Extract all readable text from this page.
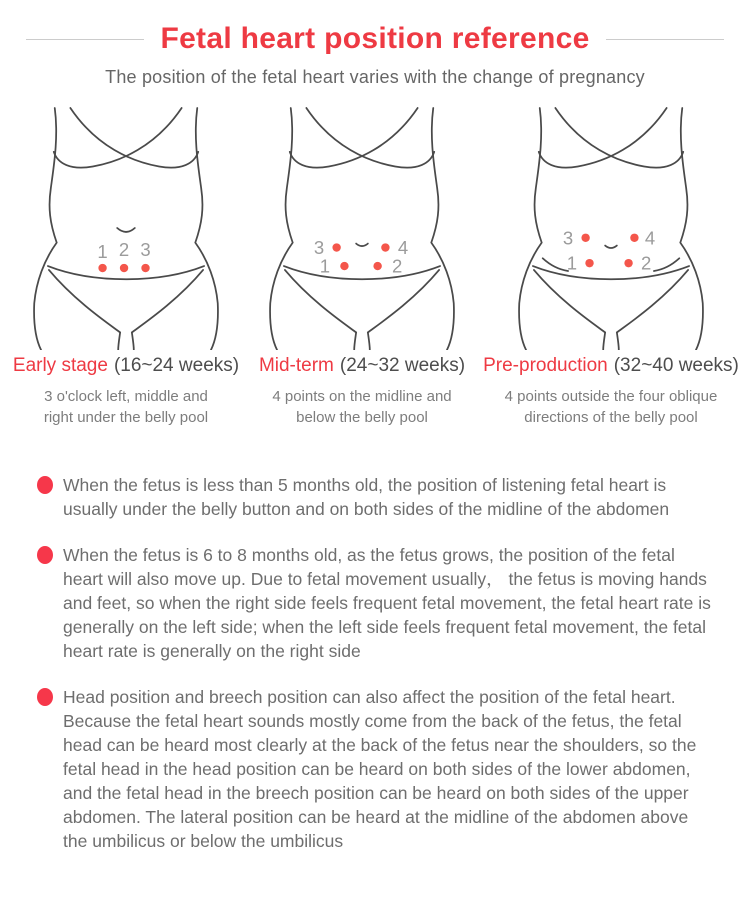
Fetal heart position reference
The position of the fetal heart varies with the change of pregnancy
1 2 3
Early stage (16~24 weeks)
3 o'clock left, middle and right under the belly pool
3	4
1	2
Mid-term (24~32 weeks)
4 points on the midline and below the belly pool
3	4
1	2
Pre-production (32~40 weeks)
4 points outside the four oblique directions of the belly pool

When the fetus is less than 5 months old, the position of listening fetal heart is usually under the belly button and on both sides of the midline of the abdomen

When the fetus is 6 to 8 months old, as the fetus grows, the position of the fetal heart will also move up. Due to fetal movement usually， the fetus is moving hands and feet, so when the right side feels frequent fetal movement, the fetal heart rate is generally on the left side; when the left side feels frequent fetal movement, the fetal heart rate is generally on the right side

Head position and breech position can also affect the position of the fetal heart. Because the fetal heart sounds mostly come from the back of the fetus, the fetal head can be heard most clearly at the back of the fetus near the shoulders, so the fetal head in the head position can be heard on both sides of the lower abdomen, and the fetal head in the breech position can be heard on both sides of the upper abdomen. The lateral position can be heard at the midline of the abdomen above the umbilicus or below the umbilicus
